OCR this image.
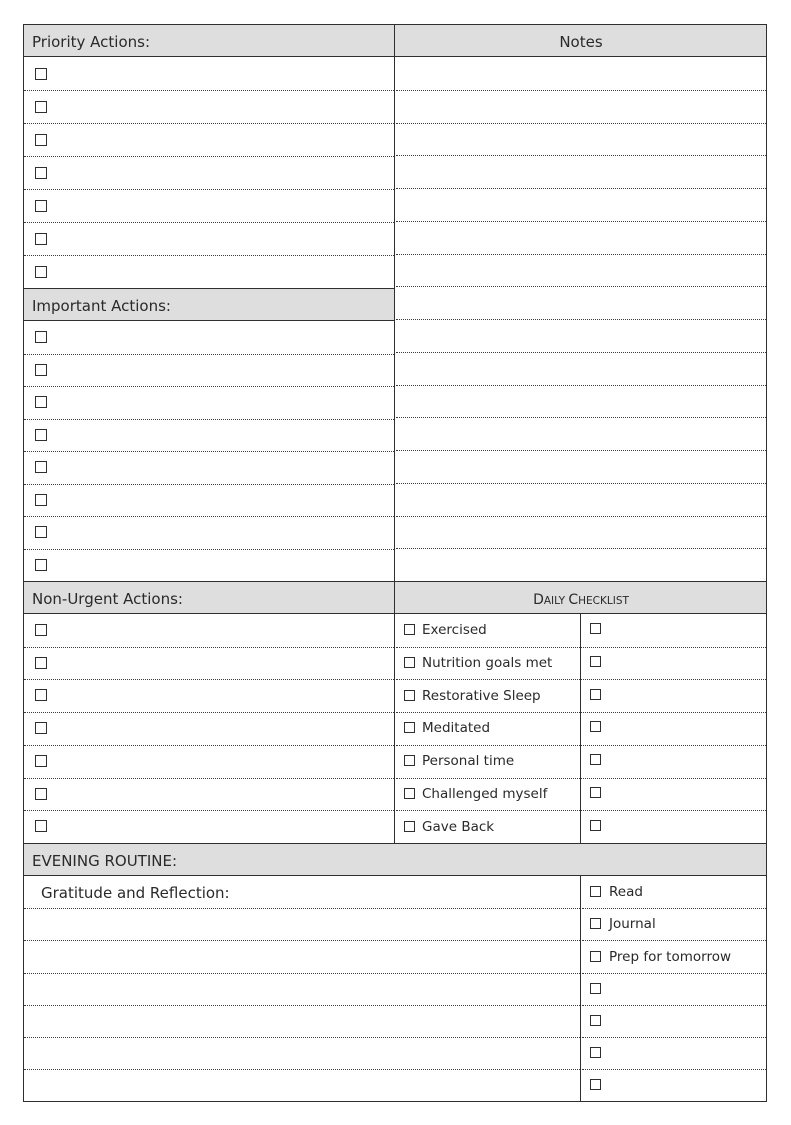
Priority Actions:	Notes
Important Actions:
Non-Urgent Actions:	DAILY CHECKLIST
EVENING ROUTINE:
Gratitude and Reflection:
Exercised
Nutrition goals met
Restorative Sleep
Meditated
Personal time
Challenged myself
Gave Back
Read
Journal
Prep for tomorrow
